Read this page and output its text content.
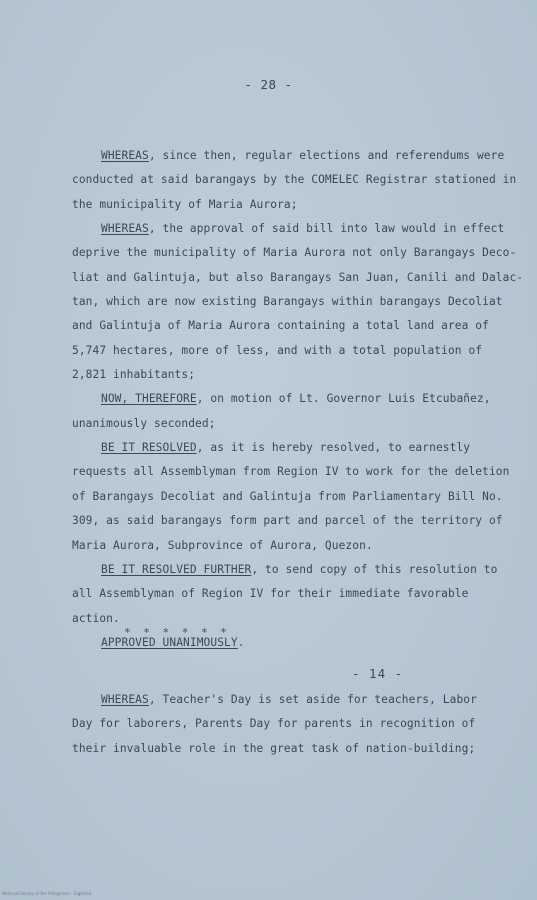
- 28 -

WHEREAS, since then, regular elections and referendums were

conducted at said barangays by the COMELEC Registrar stationed in

the municipality of Maria Aurora;

WHEREAS, the approval of said bill into law would in effect

deprive the municipality of Maria Aurora not only Barangays Deco-

liat and Galintuja, but also Barangays San Juan, Canili and Dalac-

tan, which are now existing Barangays within barangays Decoliat

and Galintuja of Maria Aurora containing a total land area of

5,747 hectares, more of less, and with a total population of

2,821 inhabitants;

NOW, THEREFORE, on motion of Lt. Governor Luis Etcubañez,

unanimously seconded;

BE IT RESOLVED, as it is hereby resolved, to earnestly

requests all Assemblyman from Region IV to work for the deletion

of Barangays Decoliat and Galintuja from Parliamentary Bill No.

309, as said barangays form part and parcel of the territory of

Maria Aurora, Subprovince of Aurora, Quezon.

BE IT RESOLVED FURTHER, to send copy of this resolution to

all Assemblyman of Region IV for their immediate favorable

action.

APPROVED UNANIMOUSLY.

* * * * * *
- 14 -

WHEREAS, Teacher's Day is set aside for teachers, Labor

Day for laborers, Parents Day for parents in recognition of

their invaluable role in the great task of nation-building;

National Library of the Philippines · Digitized
